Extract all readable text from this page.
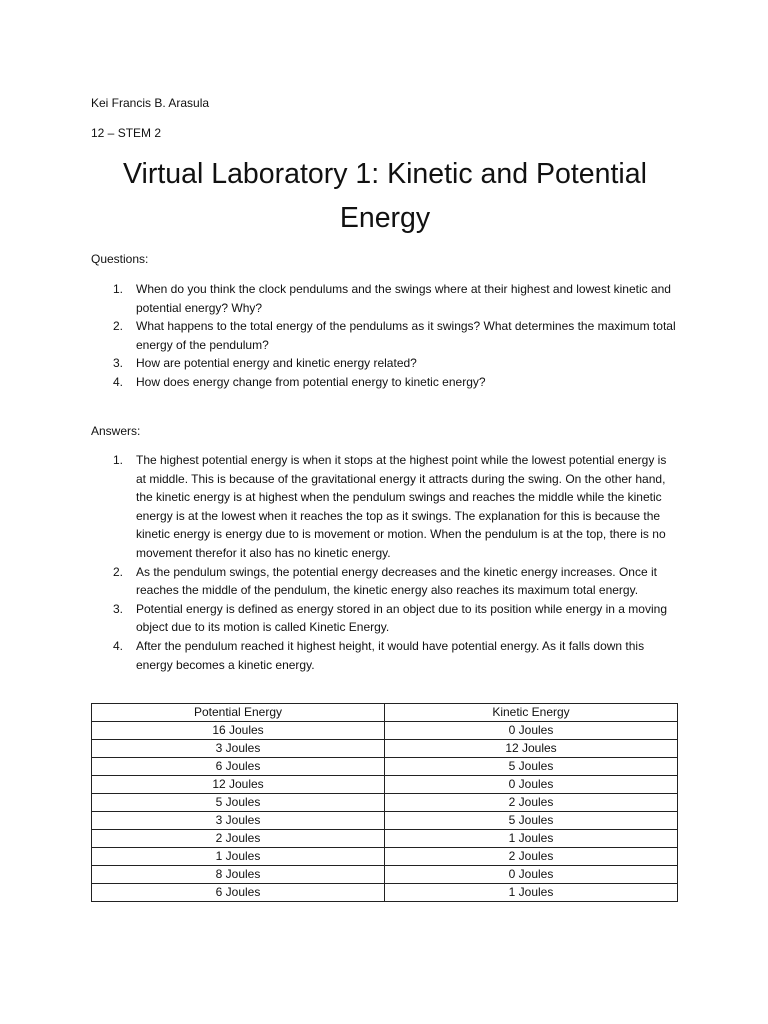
Kei Francis B. Arasula
12 – STEM 2
Virtual Laboratory 1: Kinetic and Potential Energy
Questions:
1. When do you think the clock pendulums and the swings where at their highest and lowest kinetic and potential energy? Why?
2. What happens to the total energy of the pendulums as it swings? What determines the maximum total energy of the pendulum?
3. How are potential energy and kinetic energy related?
4. How does energy change from potential energy to kinetic energy?
Answers:
1. The highest potential energy is when it stops at the highest point while the lowest potential energy is at middle. This is because of the gravitational energy it attracts during the swing. On the other hand, the kinetic energy is at highest when the pendulum swings and reaches the middle while the kinetic energy is at the lowest when it reaches the top as it swings. The explanation for this is because the kinetic energy is energy due to is movement or motion. When the pendulum is at the top, there is no movement therefor it also has no kinetic energy.
2. As the pendulum swings, the potential energy decreases and the kinetic energy increases. Once it reaches the middle of the pendulum, the kinetic energy also reaches its maximum total energy.
3. Potential energy is defined as energy stored in an object due to its position while energy in a moving object due to its motion is called Kinetic Energy.
4. After the pendulum reached it highest height, it would have potential energy. As it falls down this energy becomes a kinetic energy.
Potential Energy	Kinetic Energy
16 Joules	0 Joules
3 Joules	12 Joules
6 Joules	5 Joules
12 Joules	0 Joules
5 Joules	2 Joules
3 Joules	5 Joules
2 Joules	1 Joules
1 Joules	2 Joules
8 Joules	0 Joules
6 Joules	1 Joules
